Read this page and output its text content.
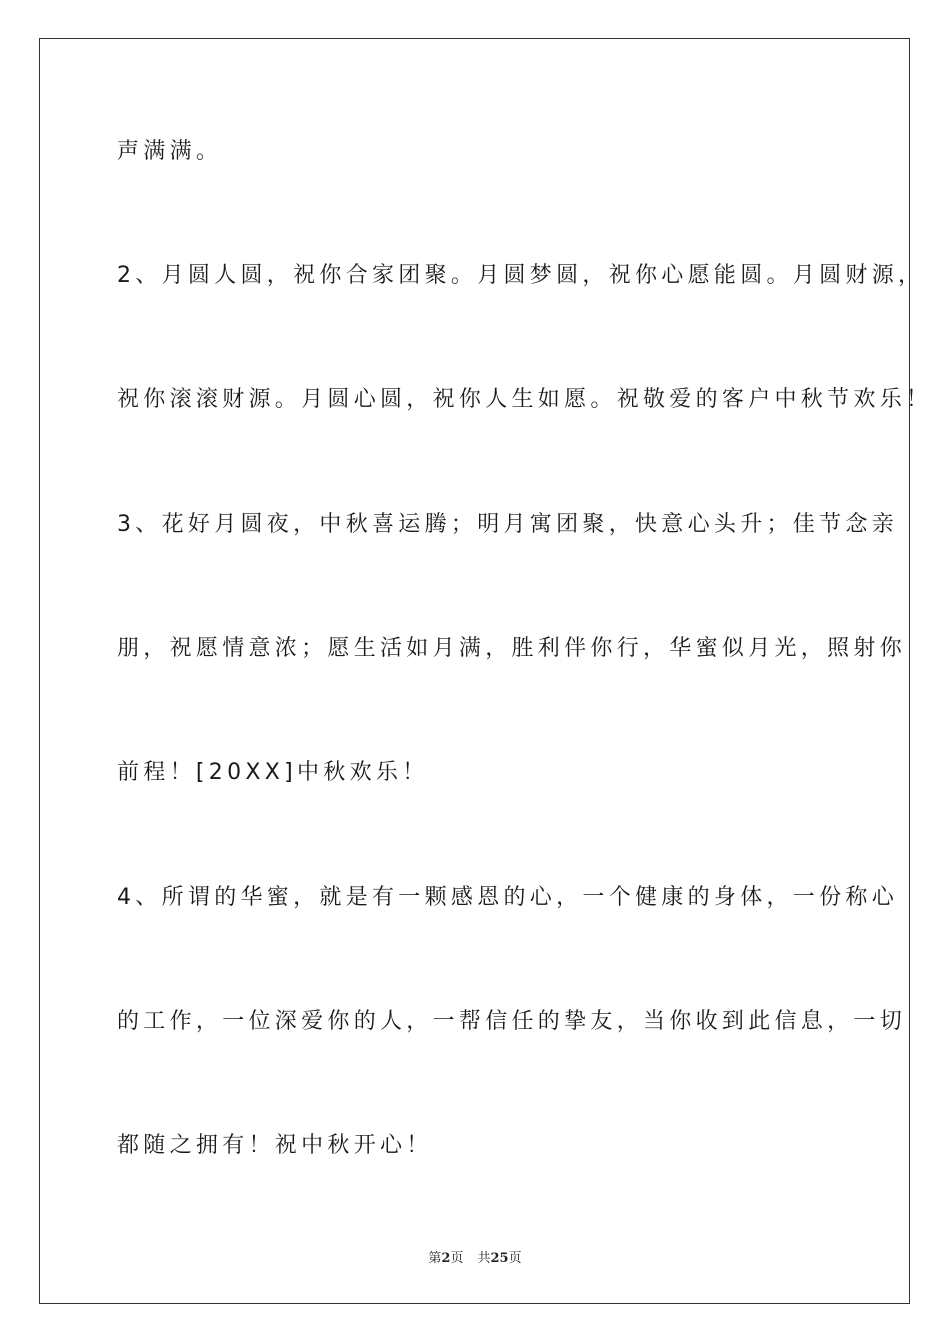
声满满。
2、月圆人圆，祝你合家团聚。月圆梦圆，祝你心愿能圆。月圆财源，
祝你滚滚财源。月圆心圆，祝你人生如愿。祝敬爱的客户中秋节欢乐！
3、花好月圆夜，中秋喜运腾；明月寓团聚，快意心头升；佳节念亲
朋，祝愿情意浓；愿生活如月满，胜利伴你行，华蜜似月光，照射你
前程！[20XX]中秋欢乐！
4、所谓的华蜜，就是有一颗感恩的心，一个健康的身体，一份称心
的工作，一位深爱你的人，一帮信任的挚友，当你收到此信息，一切
都随之拥有！祝中秋开心！
第2页 共25页
